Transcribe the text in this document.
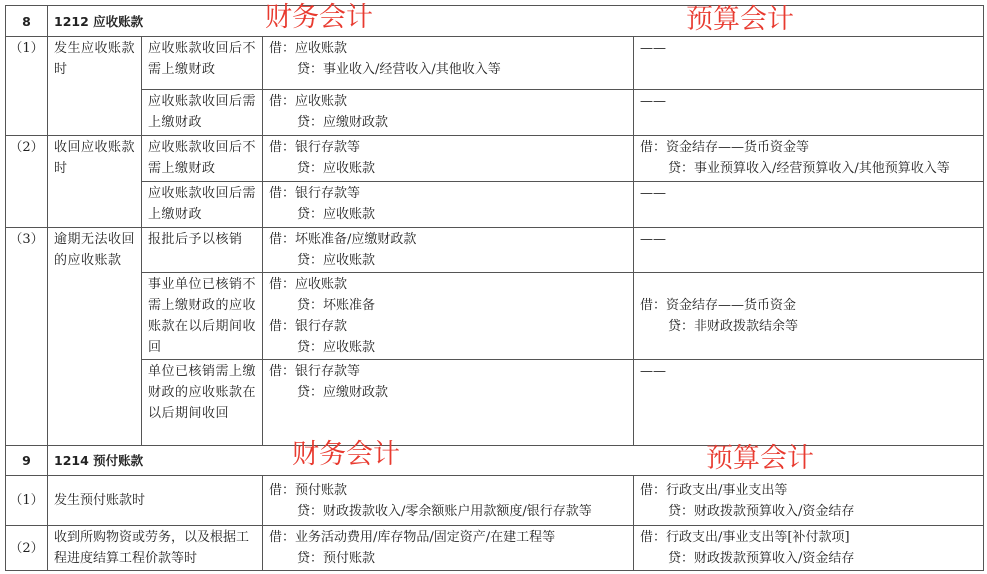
8	1212 应收账款			
（1）	发生应收账款时	应收账款收回后不需上缴财政	借：应收账款
贷：事业收入/经营收入/其他收入等	——
		应收账款收回后需上缴财政	借：应收账款
贷：应缴财政款	——
（2）	收回应收账款时	应收账款收回后不需上缴财政	借：银行存款等
贷：应收账款	借：资金结存——货币资金等
贷：事业预算收入/经营预算收入/其他预算收入等

		应收账款收回后需上缴财政	借：银行存款等
贷：应收账款	——
（3）	逾期无法收回的应收账款	报批后予以核销	借：坏账准备/应缴财政款
贷：应收账款	——
		事业单位已核销不需上缴财政的应收账款在以后期间收回	借：应收账款
贷：坏账准备
借：银行存款
贷：应收账款	借：资金结存——货币资金
贷：非财政拨款结余等

		单位已核销需上缴财政的应收账款在以后期间收回	借：银行存款等
贷：应缴财政款	——
9	1214 预付账款			
（1）	发生预付账款时		借：预付账款
贷：财政拨款收入/零余额账户用款额度/银行存款等	借：行政支出/事业支出等
贷：财政拨款预算收入/资金结存

（2）	收到所购物资或劳务，以及根据工程进度结算工程价款等时		借：业务活动费用/库存物品/固定资产/在建工程等
贷：预付账款	借：行政支出/事业支出等[补付款项]
贷：财政拨款预算收入/资金结存
财务会计	预算会计
财务会计	预算会计
